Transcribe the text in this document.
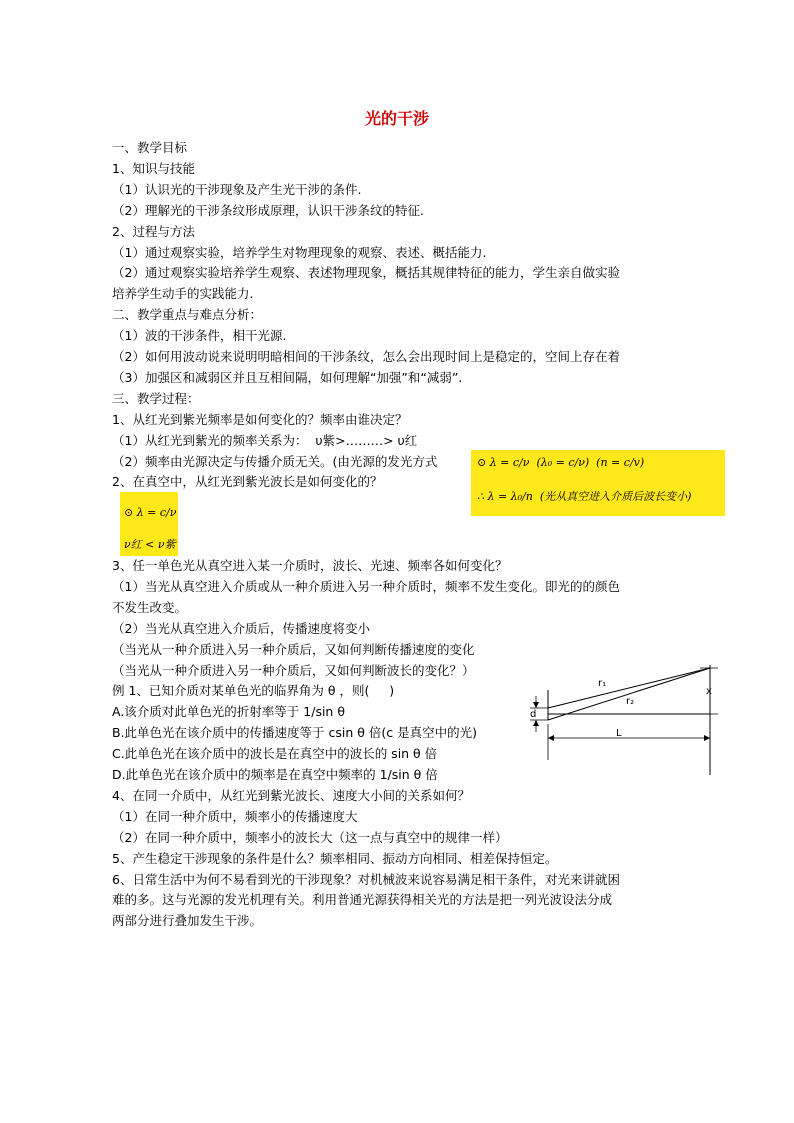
光的干涉
一、教学目标
1、知识与技能
（1）认识光的干涉现象及产生光干涉的条件.
（2）理解光的干涉条纹形成原理，认识干涉条纹的特征.
2、过程与方法
（1）通过观察实验，培养学生对物理现象的观察、表述、概括能力.
（2）通过观察实验培养学生观察、表述物理现象，概括其规律特征的能力，学生亲自做实验
培养学生动手的实践能力.
二、教学重点与难点分析：
（1）波的干涉条件，相干光源.
（2）如何用波动说来说明明暗相间的干涉条纹，怎么会出现时间上是稳定的，空间上存在着
（3）加强区和减弱区并且互相间隔，如何理解“加强”和“减弱”.
三、教学过程：
1、从红光到紫光频率是如何变化的？频率由谁决定？
（1）从红光到紫光的频率关系为：  υ紫>………> υ红
（2）频率由光源决定与传播介质无关。(由光源的发光方式
2、在真空中，从红光到紫光波长是如何变化的？
3、任一单色光从真空进入某一介质时，波长、光速、频率各如何变化？
（1）当光从真空进入介质或从一种介质进入另一种介质时，频率不发生变化。即光的的颜色
不发生改变。
（2）当光从真空进入介质后，传播速度将变小
（当光从一种介质进入另一种介质后，又如何判断传播速度的变化
（当光从一种介质进入另一种介质后，又如何判断波长的变化？）
例 1、已知介质对某单色光的临界角为 θ ，则(     )
A.该介质对此单色光的折射率等于 1/sin θ
B.此单色光在该介质中的传播速度等于 csin θ 倍(c 是真空中的光)
C.此单色光在该介质中的波长是在真空中的波长的 sin θ 倍
D.此单色光在该介质中的频率是在真空中频率的 1/sin θ 倍
4、在同一介质中，从红光到紫光波长、速度大小间的关系如何？
（1）在同一种介质中，频率小的传播速度大
（2）在同一种介质中，频率小的波长大（这一点与真空中的规律一样）
5、产生稳定干涉现象的条件是什么？频率相同、振动方向相同、相差保持恒定。
6、日常生活中为何不易看到光的干涉现象？对机械波来说容易满足相干条件，对光来讲就困
难的多。这与光源的发光机理有关。利用普通光源获得相关光的方法是把一列光波设法分成
两部分进行叠加发生干涉。
⊙ λ = c/ν  (λ₀ = c/ν)  (n = c/v)
∴ λ = λ₀/n  (光从真空进入介质后波长变小)
⊙ λ = c/ν
ν红 < ν紫
d
r₁
r₂
x
L
